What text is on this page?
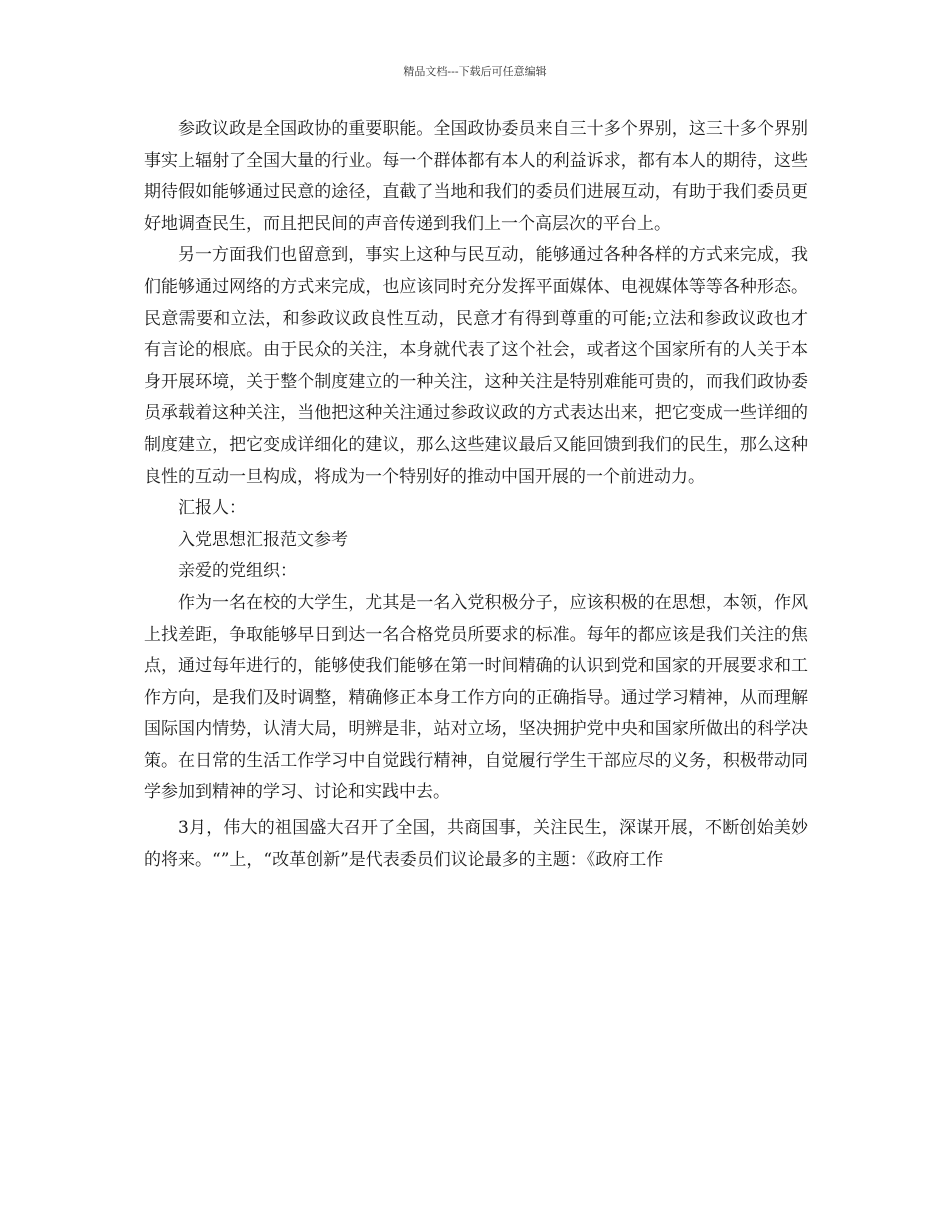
精品文档---下载后可任意编辑

参政议政是全国政协的重要职能。全国政协委员来自三十多个界别，这三十多个界别事实上辐射了全国大量的行业。每一个群体都有本人的利益诉求，都有本人的期待，这些期待假如能够通过民意的途径，直截了当地和我们的委员们进展互动，有助于我们委员更好地调查民生，而且把民间的声音传递到我们上一个高层次的平台上。

另一方面我们也留意到，事实上这种与民互动，能够通过各种各样的方式来完成，我们能够通过网络的方式来完成，也应该同时充分发挥平面媒体、电视媒体等等各种形态。民意需要和立法，和参政议政良性互动，民意才有得到尊重的可能;立法和参政议政也才有言论的根底。由于民众的关注，本身就代表了这个社会，或者这个国家所有的人关于本身开展环境，关于整个制度建立的一种关注，这种关注是特别难能可贵的，而我们政协委员承载着这种关注，当他把这种关注通过参政议政的方式表达出来，把它变成一些详细的制度建立，把它变成详细化的建议，那么这些建议最后又能回馈到我们的民生，那么这种良性的互动一旦构成，将成为一个特别好的推动中国开展的一个前进动力。

汇报人：

入党思想汇报范文参考

亲爱的党组织：

作为一名在校的大学生，尤其是一名入党积极分子，应该积极的在思想，本领，作风上找差距，争取能够早日到达一名合格党员所要求的标准。每年的都应该是我们关注的焦点，通过每年进行的，能够使我们能够在第一时间精确的认识到党和国家的开展要求和工作方向，是我们及时调整，精确修正本身工作方向的正确指导。通过学习精神，从而理解国际国内情势，认清大局，明辨是非，站对立场，坚决拥护党中央和国家所做出的科学决策。在日常的生活工作学习中自觉践行精神，自觉履行学生干部应尽的义务，积极带动同学参加到精神的学习、讨论和实践中去。

3月，伟大的祖国盛大召开了全国，共商国事，关注民生，深谋开展，不断创始美妙的将来。“”上，“改革创新”是代表委员们议论最多的主题：《政府工作
